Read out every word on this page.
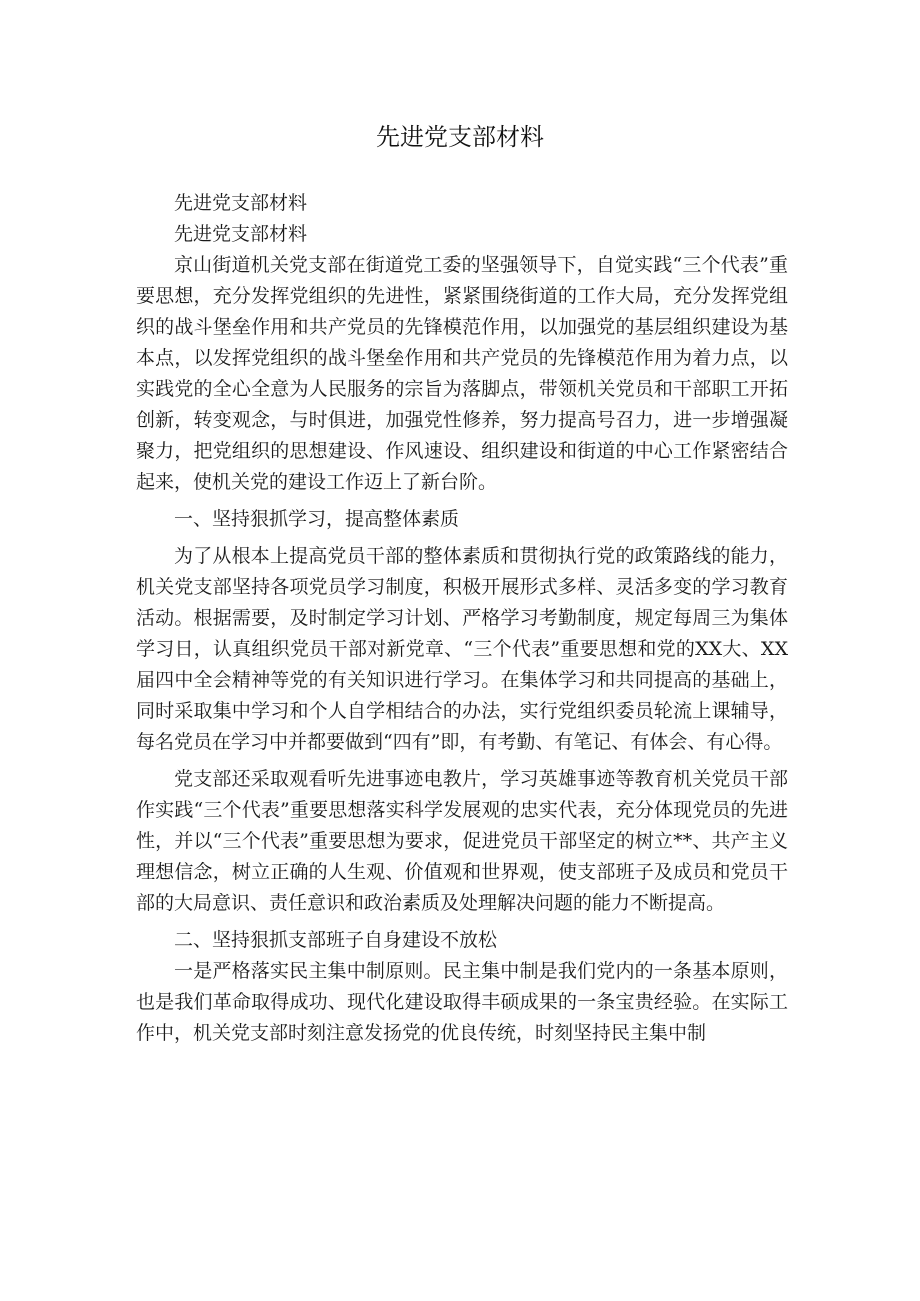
先进党支部材料

先进党支部材料

先进党支部材料

京山街道机关党支部在街道党工委的坚强领导下，自觉实践“三个代表”重要思想，充分发挥党组织的先进性，紧紧围绕街道的工作大局，充分发挥党组织的战斗堡垒作用和共产党员的先锋模范作用，以加强党的基层组织建设为基本点，以发挥党组织的战斗堡垒作用和共产党员的先锋模范作用为着力点，以实践党的全心全意为人民服务的宗旨为落脚点，带领机关党员和干部职工开拓创新，转变观念，与时俱进，加强党性修养，努力提高号召力，进一步增强凝聚力，把党组织的思想建设、作风速设、组织建设和街道的中心工作紧密结合起来，使机关党的建设工作迈上了新台阶。

一、坚持狠抓学习，提高整体素质

为了从根本上提高党员干部的整体素质和贯彻执行党的政策路线的能力，机关党支部坚持各项党员学习制度，积极开展形式多样、灵活多变的学习教育活动。根据需要，及时制定学习计划、严格学习考勤制度，规定每周三为集体学习日，认真组织党员干部对新党章、“三个代表”重要思想和党的XX大、XX届四中全会精神等党的有关知识进行学习。在集体学习和共同提高的基础上，同时采取集中学习和个人自学相结合的办法，实行党组织委员轮流上课辅导，每名党员在学习中并都要做到“四有”即，有考勤、有笔记、有体会、有心得。

党支部还采取观看听先进事迹电教片，学习英雄事迹等教育机关党员干部作实践“三个代表”重要思想落实科学发展观的忠实代表，充分体现党员的先进性，并以“三个代表”重要思想为要求，促进党员干部坚定的树立**、共产主义理想信念，树立正确的人生观、价值观和世界观，使支部班子及成员和党员干部的大局意识、责任意识和政治素质及处理解决问题的能力不断提高。

二、坚持狠抓支部班子自身建设不放松

一是严格落实民主集中制原则。民主集中制是我们党内的一条基本原则，也是我们革命取得成功、现代化建设取得丰硕成果的一条宝贵经验。在实际工作中，机关党支部时刻注意发扬党的优良传统，时刻坚持民主集中制
